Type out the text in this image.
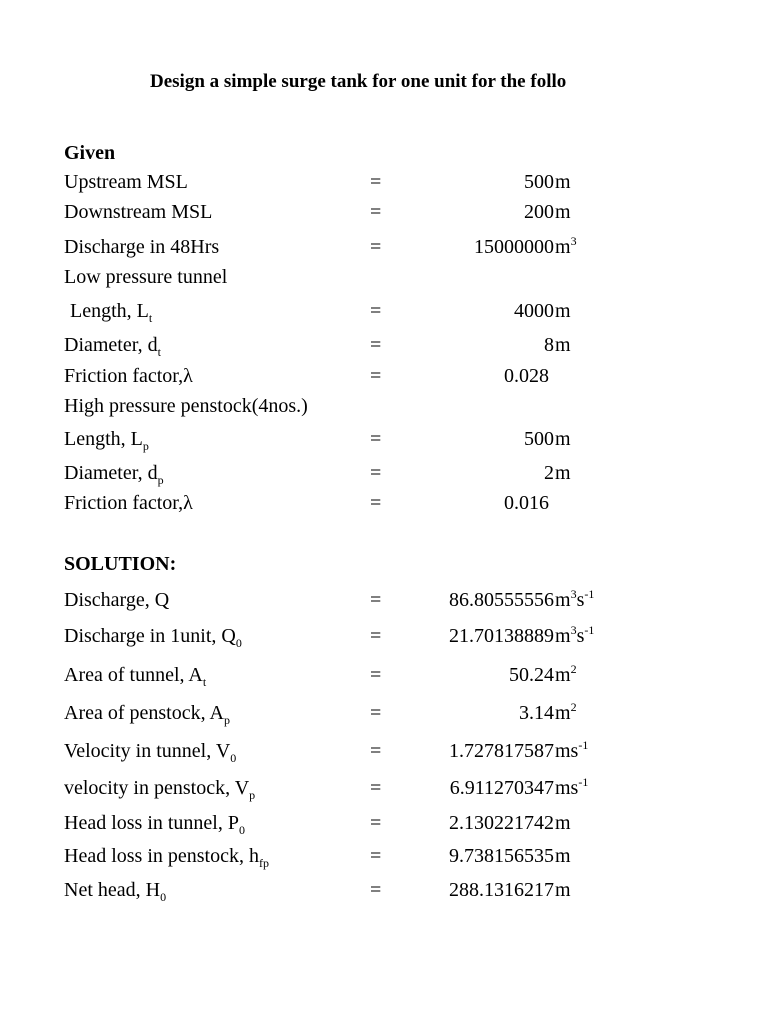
Design a simple surge tank for one unit for the follo
Given
Upstream MSL	=	500 m
Downstream MSL	=	200 m
Discharge in 48Hrs	=	15000000 $m^3$
Low pressure tunnel
Length, $L_t$	=	4000 m
Diameter, $d_t$	=	8 m
Friction factor,λ	=	0.028
High pressure penstock(4nos.)
Length, $L_p$	=	500 m
Diameter, $d_p$	=	2 m
Friction factor,λ	=	0.016
SOLUTION:
Discharge, Q	=	86.80555556 $m^3s^{-1}$
Discharge in 1unit, $Q_0$	=	21.70138889 $m^3s^{-1}$
Area of tunnel, $A_t$	=	50.24 $m^2$
Area of penstock, $A_p$	=	3.14 $m^2$
Velocity in tunnel, $V_0$	=	1.727817587 $ms^{-1}$
velocity in penstock, $V_p$	=	6.911270347 $ms^{-1}$
Head loss in tunnel, $P_0$	=	2.130221742 m
Head loss in penstock, $h_{fp}$	=	9.738156535 m
Net head, $H_0$	=	288.1316217 m
